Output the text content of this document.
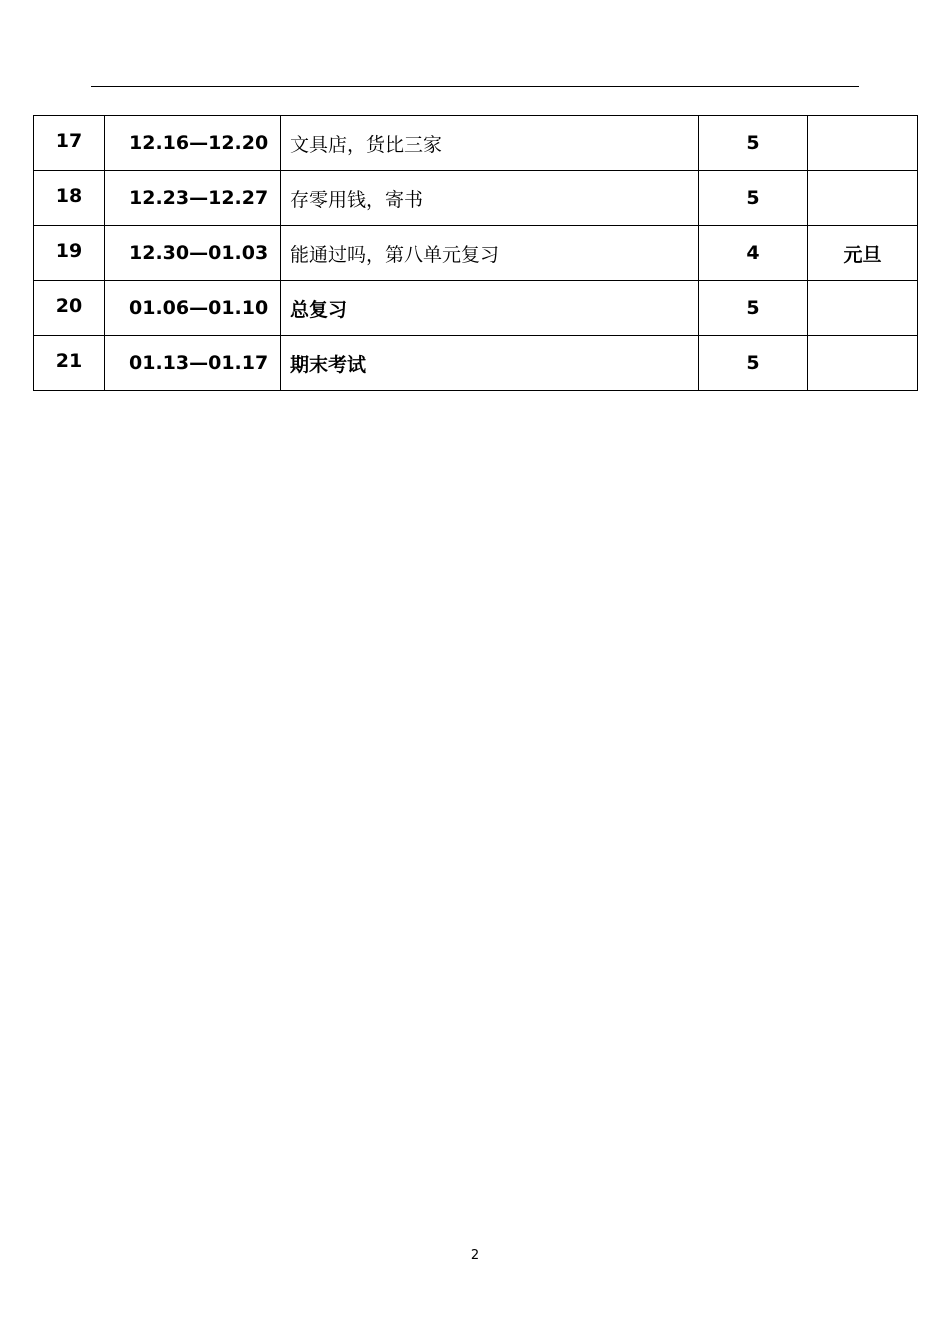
17	12.16—12.20	文具店，货比三家	5	
18	12.23—12.27	存零用钱，寄书	5	
19	12.30—01.03	能通过吗，第八单元复习	4	元旦
20	01.06—01.10	总复习	5	
21	01.13—01.17	期末考试	5	
2
